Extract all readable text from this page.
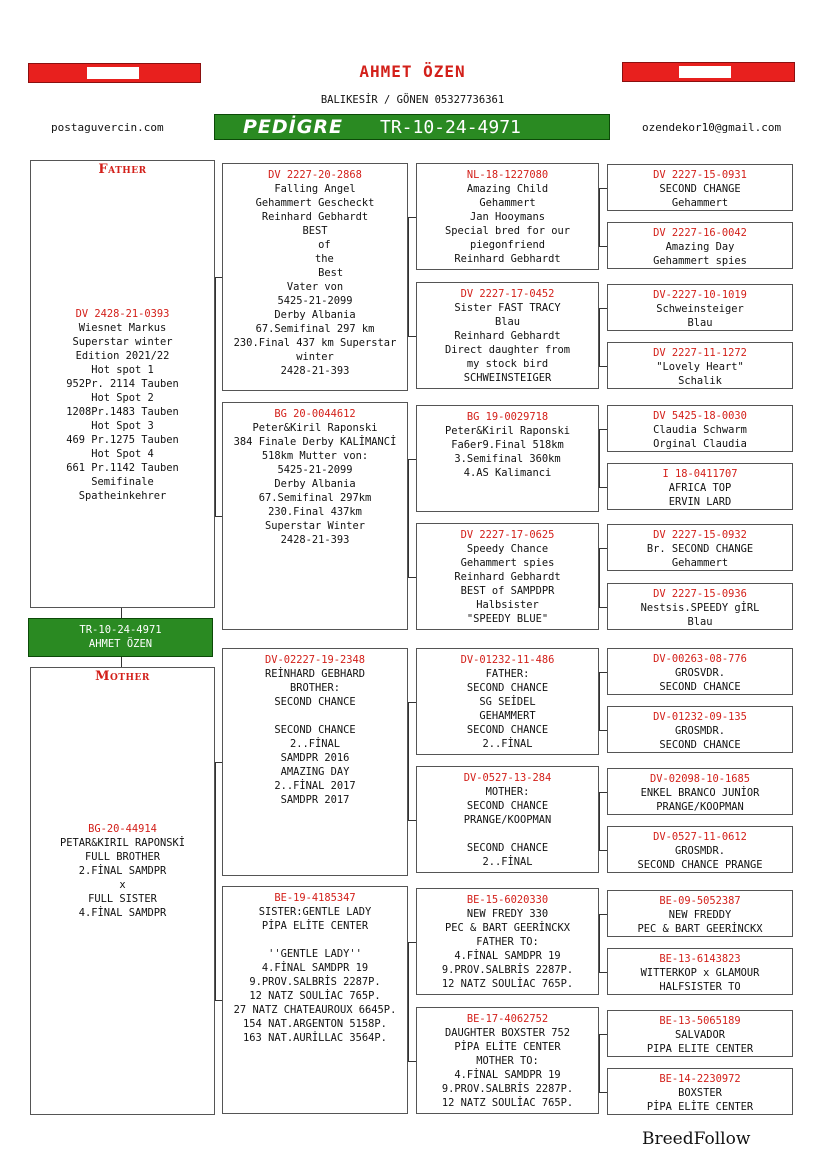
AHMET ÖZEN
BALIKESİR / GÖNEN 05327736361
postaguvercin.com	ozendekor10@gmail.com
PEDİGRE TR-10-24-4971
Father
DV 2428-21-0393
Wiesnet Markus
Superstar winter
Edition 2021/22
Hot spot 1
952Pr. 2114 Tauben
Hot Spot 2
1208Pr.1483 Tauben
Hot Spot 3
469 Pr.1275 Tauben
Hot Spot 4
661 Pr.1142 Tauben
Semifinale
Spatheinkehrer
TR-10-24-4971
AHMET ÖZEN
Mother
BG-20-44914
PETAR&KIRIL RAPONSKİ
FULL BROTHER
2.FİNAL SAMDPR
x
FULL SISTER
4.FİNAL SAMDPR
DV 2227-20-2868
Falling Angel
Gehammert Gescheckt
Reinhard Gebhardt
BEST
of
the
Best
Vater von
5425-21-2099
Derby Albania
67.Semifinal 297 km
230.Final 437 km Superstar
winter
2428-21-393
BG 20-0044612
Peter&Kiril Raponski
384 Finale Derby KALİMANCİ
518km Mutter von:
5425-21-2099
Derby Albania
67.Semifinal 297km
230.Final 437km
Superstar Winter
2428-21-393
DV-02227-19-2348
REİNHARD GEBHARD
BROTHER:
SECOND CHANCE

SECOND CHANCE
2..FİNAL
SAMDPR 2016
AMAZING DAY
2..FİNAL 2017
SAMDPR 2017
BE-19-4185347
SISTER:GENTLE LADY
PİPA ELİTE CENTER

''GENTLE LADY''
4.FİNAL SAMDPR 19
9.PROV.SALBRİS 2287P.
12 NATZ SOULİAC 765P.
27 NATZ CHATEAUROUX 6645P.
154 NAT.ARGENTON 5158P.
163 NAT.AURİLLAC 3564P.
NL-18-1227080
Amazing Child
Gehammert
Jan Hooymans
Special bred for our
piegonfriend
Reinhard Gebhardt
DV 2227-17-0452
Sister FAST TRACY
Blau
Reinhard Gebhardt
Direct daughter from
my stock bird
SCHWEINSTEIGER
BG 19-0029718
Peter&Kiril Raponski
Fa6er9.Final 518km
3.Semifinal 360km
4.AS Kalimanci
DV 2227-17-0625
Speedy Chance
Gehammert spies
Reinhard Gebhardt
BEST of SAMPDPR
Halbsister
"SPEEDY BLUE"
DV-01232-11-486
FATHER:
SECOND CHANCE
SG SEİDEL
GEHAMMERT
SECOND CHANCE
2..FİNAL
DV-0527-13-284
MOTHER:
SECOND CHANCE
PRANGE/KOOPMAN

SECOND CHANCE
2..FİNAL
BE-15-6020330
NEW FREDY 330
PEC & BART GEERİNCKX
FATHER TO:
4.FİNAL SAMDPR 19
9.PROV.SALBRİS 2287P.
12 NATZ SOULİAC 765P.
BE-17-4062752
DAUGHTER BOXSTER 752
PİPA ELİTE CENTER
MOTHER TO:
4.FİNAL SAMDPR 19
9.PROV.SALBRİS 2287P.
12 NATZ SOULİAC 765P.
DV 2227-15-0931
SECOND CHANGE
Gehammert
DV 2227-16-0042
Amazing Day
Gehammert spies
DV-2227-10-1019
Schweinsteiger
Blau
DV 2227-11-1272
"Lovely Heart"
Schalik
DV 5425-18-0030
Claudia Schwarm
Orginal Claudia
I 18-0411707
AFRICA TOP
ERVIN LARD
DV 2227-15-0932
Br. SECOND CHANGE
Gehammert
DV 2227-15-0936
Nestsis.SPEEDY gİRL
Blau
DV-00263-08-776
GROSVDR.
SECOND CHANCE
DV-01232-09-135
GROSMDR.
SECOND CHANCE
DV-02098-10-1685
ENKEL BRANCO JUNİOR
PRANGE/KOOPMAN
DV-0527-11-0612
GROSMDR.
SECOND CHANCE PRANGE
BE-09-5052387
NEW FREDDY
PEC & BART GEERİNCKX
BE-13-6143823
WITTERKOP x GLAMOUR
HALFSISTER TO
BE-13-5065189
SALVADOR
PIPA ELITE CENTER
BE-14-2230972
BOXSTER
PİPA ELİTE CENTER
BreedFollow
